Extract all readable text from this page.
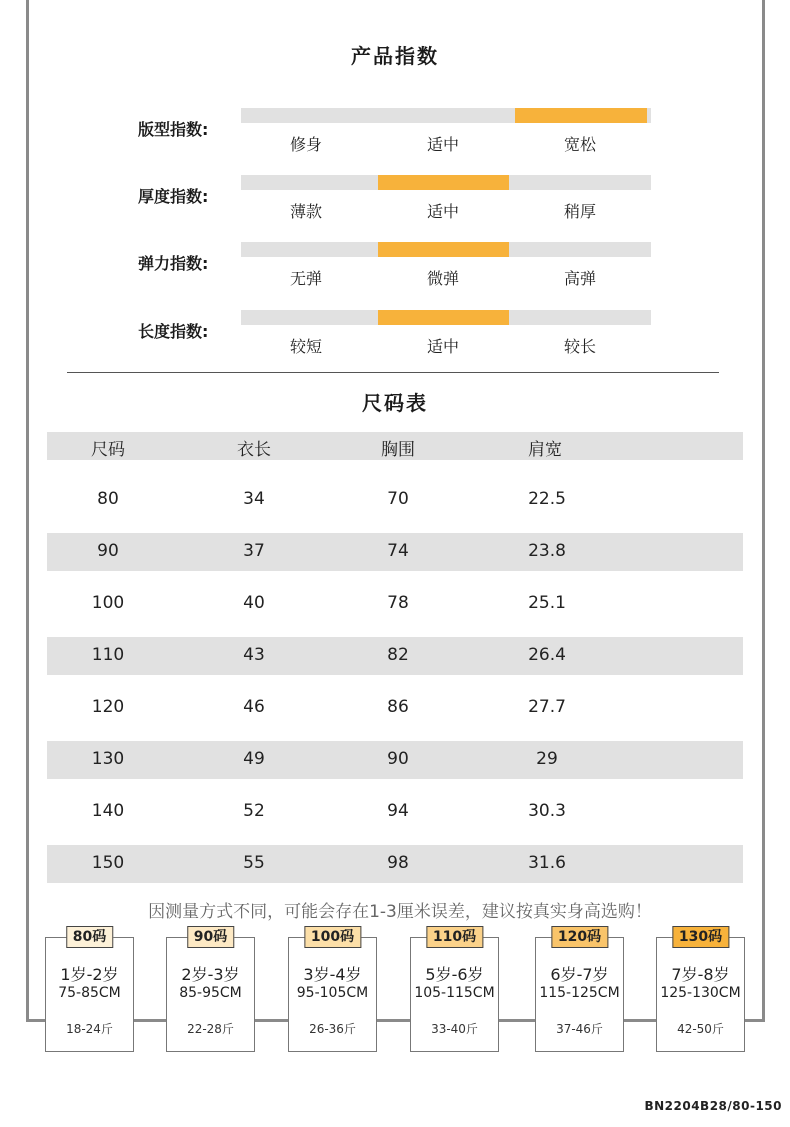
产品指数
版型指数:
修身	适中	宽松
厚度指数:
薄款	适中	稍厚
弹力指数:
无弹	微弹	高弹
长度指数:
较短	适中	较长
尺码表
尺码	衣长	胸围	肩宽
80	34	70	22.5
90	37	74	23.8
100	40	78	25.1
110	43	82	26.4
120	46	86	27.7
130	49	90	29
140	52	94	30.3
150	55	98	31.6
因测量方式不同，可能会存在1-3厘米误差，建议按真实身高选购！
80码
1岁-2岁
75-85CM
18-24斤
90码
2岁-3岁
85-95CM
22-28斤
100码
3岁-4岁
95-105CM
26-36斤
110码
5岁-6岁
105-115CM
33-40斤
120码
6岁-7岁
115-125CM
37-46斤
130码
7岁-8岁
125-130CM
42-50斤
BN2204B28/80-150
